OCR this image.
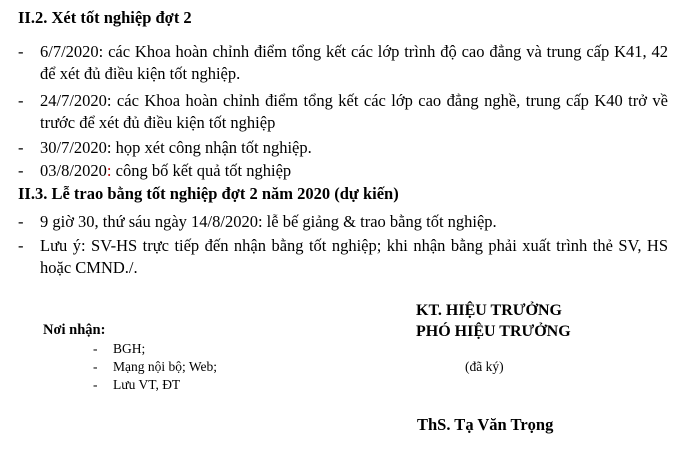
II.2. Xét tốt nghiệp đợt 2
- 6/7/2020: các Khoa hoàn chỉnh điểm tổng kết các lớp trình độ cao đẳng và trung cấp K41, 42 để xét đủ điều kiện tốt nghiệp.
- 24/7/2020: các Khoa hoàn chỉnh điểm tổng kết các lớp cao đẳng nghề, trung cấp K40 trở về trước để xét đủ điều kiện tốt nghiệp
- 30/7/2020: họp xét công nhận tốt nghiệp.
- 03/8/2020: công bố kết quả tốt nghiệp
II.3. Lễ trao bằng tốt nghiệp đợt 2 năm 2020 (dự kiến)
- 9 giờ 30, thứ sáu ngày 14/8/2020: lễ bế giảng & trao bằng tốt nghiệp.
- Lưu ý: SV-HS trực tiếp đến nhận bằng tốt nghiệp; khi nhận bằng phải xuất trình thẻ SV, HS hoặc CMND./.
KT. HIỆU TRƯỞNG
PHÓ HIỆU TRƯỞNG
Nơi nhận:
- BGH;
- Mạng nội bộ; Web;
- Lưu VT, ĐT
(đã ký)
ThS. Tạ Văn Trọng
